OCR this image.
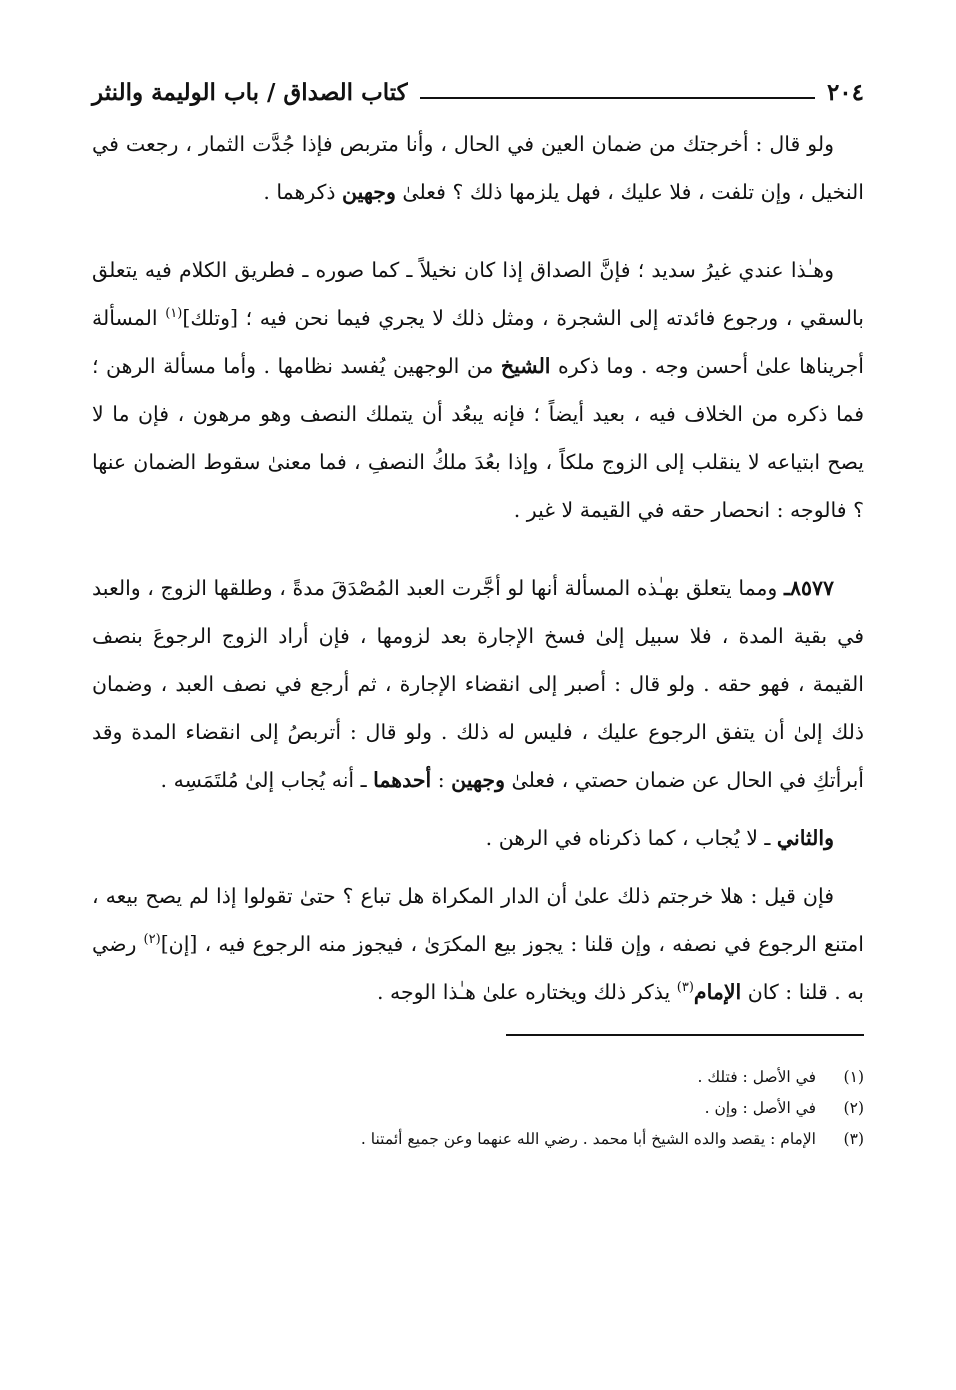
٢٠٤
كتاب الصداق / باب الوليمة والنثر

ولو قال : أخرجتك من ضمان العين في الحال ، وأنا متربص فإذا جُدَّت الثمار ، رجعت في النخيل ، وإن تلفت ، فلا عليك ، فهل يلزمها ذلك ؟ فعلىٰ وجهين ذكرهما .

وهـٰذا عندي غيرُ سديد ؛ فإنَّ الصداق إذا كان نخيلاً ـ كما صوره ـ فطريق الكلام فيه يتعلق بالسقي ، ورجوع فائدته إلى الشجرة ، ومثل ذلك لا يجري فيما نحن فيه ؛ [وتلك]$^{(١)}$ المسألة أجريناها علىٰ أحسن وجه . وما ذكره الشيخ من الوجهين يُفسد نظامها . وأما مسألة الرهن ؛ فما ذكره من الخلاف فيه ، بعيد أيضاً ؛ فإنه يبعُد أن يتملك النصف وهو مرهون ، فإن ما لا يصح ابتياعه لا ينقلب إلى الزوج ملكاً ، وإذا بعُدَ ملكُ النصفِ ، فما معنىٰ سقوط الضمان عنها ؟ فالوجه : انحصار حقه في القيمة لا غير .

٨٥٧٧ـ ومما يتعلق بهـٰذه المسألة أنها لو أجَّرت العبد المُصْدَقَ مدةً ، وطلقها الزوج ، والعبد في بقية المدة ، فلا سبيل إلىٰ فسخ الإجارة بعد لزومها ، فإن أراد الزوج الرجوعَ بنصف القيمة ، فهو حقه . ولو قال : أصبر إلى انقضاء الإجارة ، ثم أرجع في نصف العبد ، وضمان ذلك إلىٰ أن يتفق الرجوع عليك ، فليس له ذلك . ولو قال : أتربصُ إلى انقضاء المدة وقد أبرأتكِ في الحال عن ضمان حصتي ، فعلىٰ وجهين : أحدهما ـ أنه يُجاب إلىٰ مُلتَمَسِه .

والثاني ـ لا يُجاب ، كما ذكرناه في الرهن .

فإن قيل : هلا خرجتم ذلك علىٰ أن الدار المكراة هل تباع ؟ حتىٰ تقولوا إذا لم يصح بيعه ، امتنع الرجوع في نصفه ، وإن قلنا : يجوز بيع المكرَىٰ ، فيجوز منه الرجوع فيه ، [إن]$^{(٢)}$ رضي به . قلنا : كان الإمام$^{(٣)}$ يذكر ذلك ويختاره علىٰ هـٰذا الوجه .

(١)
في الأصل : فتلك .
(٢)
في الأصل : وإن .
(٣)
الإمام : يقصد والده الشيخ أبا محمد . رضي الله عنهما وعن جميع أئمتنا .
